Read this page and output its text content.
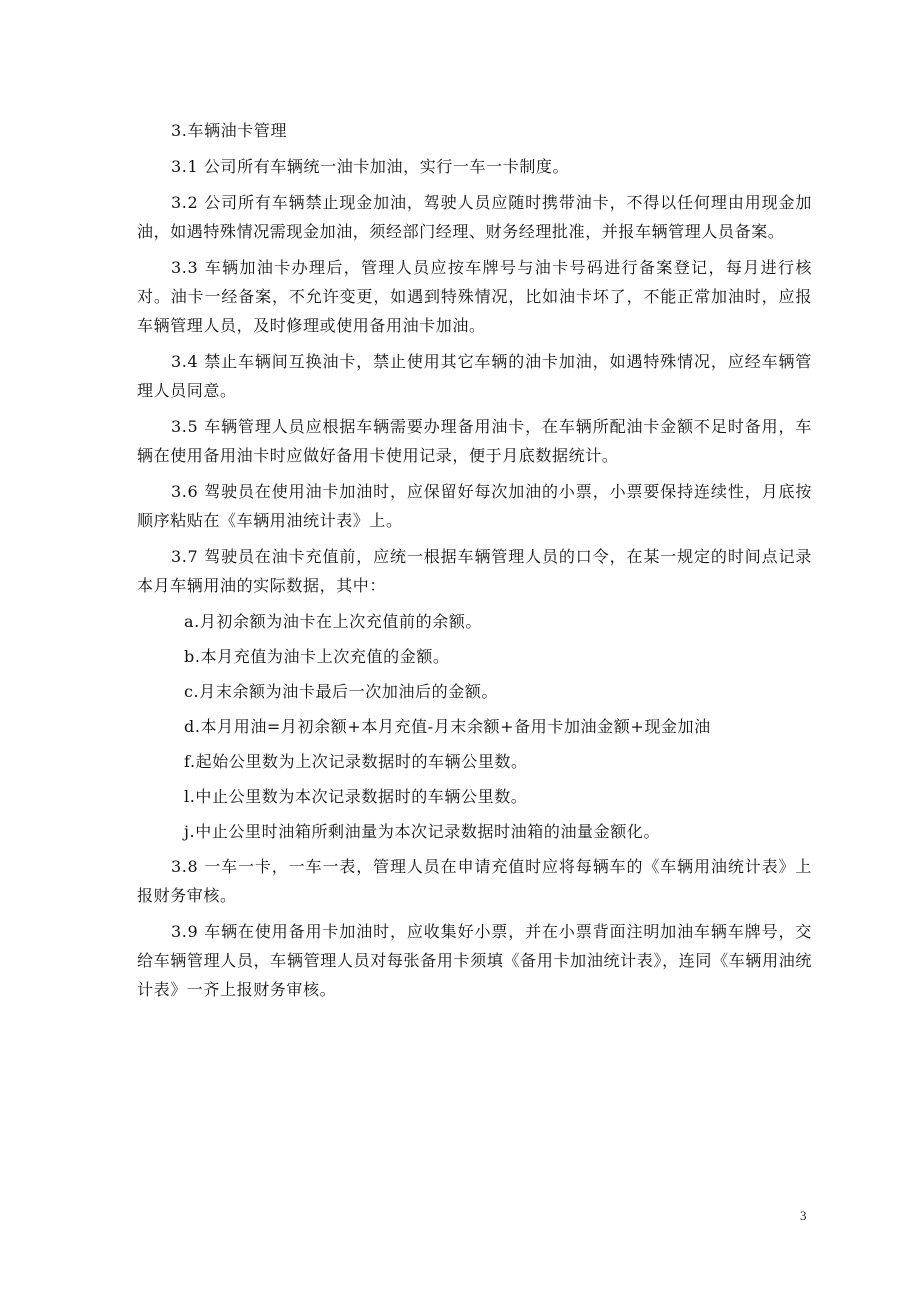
3.车辆油卡管理

3.1 公司所有车辆统一油卡加油，实行一车一卡制度。

3.2 公司所有车辆禁止现金加油，驾驶人员应随时携带油卡，不得以任何理由用现金加油，如遇特殊情况需现金加油，须经部门经理、财务经理批准，并报车辆管理人员备案。

3.3 车辆加油卡办理后，管理人员应按车牌号与油卡号码进行备案登记，每月进行核对。油卡一经备案，不允许变更，如遇到特殊情况，比如油卡坏了，不能正常加油时，应报车辆管理人员，及时修理或使用备用油卡加油。

3.4 禁止车辆间互换油卡，禁止使用其它车辆的油卡加油，如遇特殊情况，应经车辆管理人员同意。

3.5 车辆管理人员应根据车辆需要办理备用油卡，在车辆所配油卡金额不足时备用，车辆在使用备用油卡时应做好备用卡使用记录，便于月底数据统计。

3.6 驾驶员在使用油卡加油时，应保留好每次加油的小票，小票要保持连续性，月底按顺序粘贴在《车辆用油统计表》上。

3.7 驾驶员在油卡充值前，应统一根据车辆管理人员的口令，在某一规定的时间点记录本月车辆用油的实际数据，其中：

a.月初余额为油卡在上次充值前的余额。

b.本月充值为油卡上次充值的金额。

c.月末余额为油卡最后一次加油后的金额。

d.本月用油=月初余额+本月充值-月末余额+备用卡加油金额+现金加油

f.起始公里数为上次记录数据时的车辆公里数。

l.中止公里数为本次记录数据时的车辆公里数。

j.中止公里时油箱所剩油量为本次记录数据时油箱的油量金额化。

3.8 一车一卡，一车一表，管理人员在申请充值时应将每辆车的《车辆用油统计表》上报财务审核。

3.9 车辆在使用备用卡加油时，应收集好小票，并在小票背面注明加油车辆车牌号，交给车辆管理人员，车辆管理人员对每张备用卡须填《备用卡加油统计表》，连同《车辆用油统计表》一齐上报财务审核。

3
